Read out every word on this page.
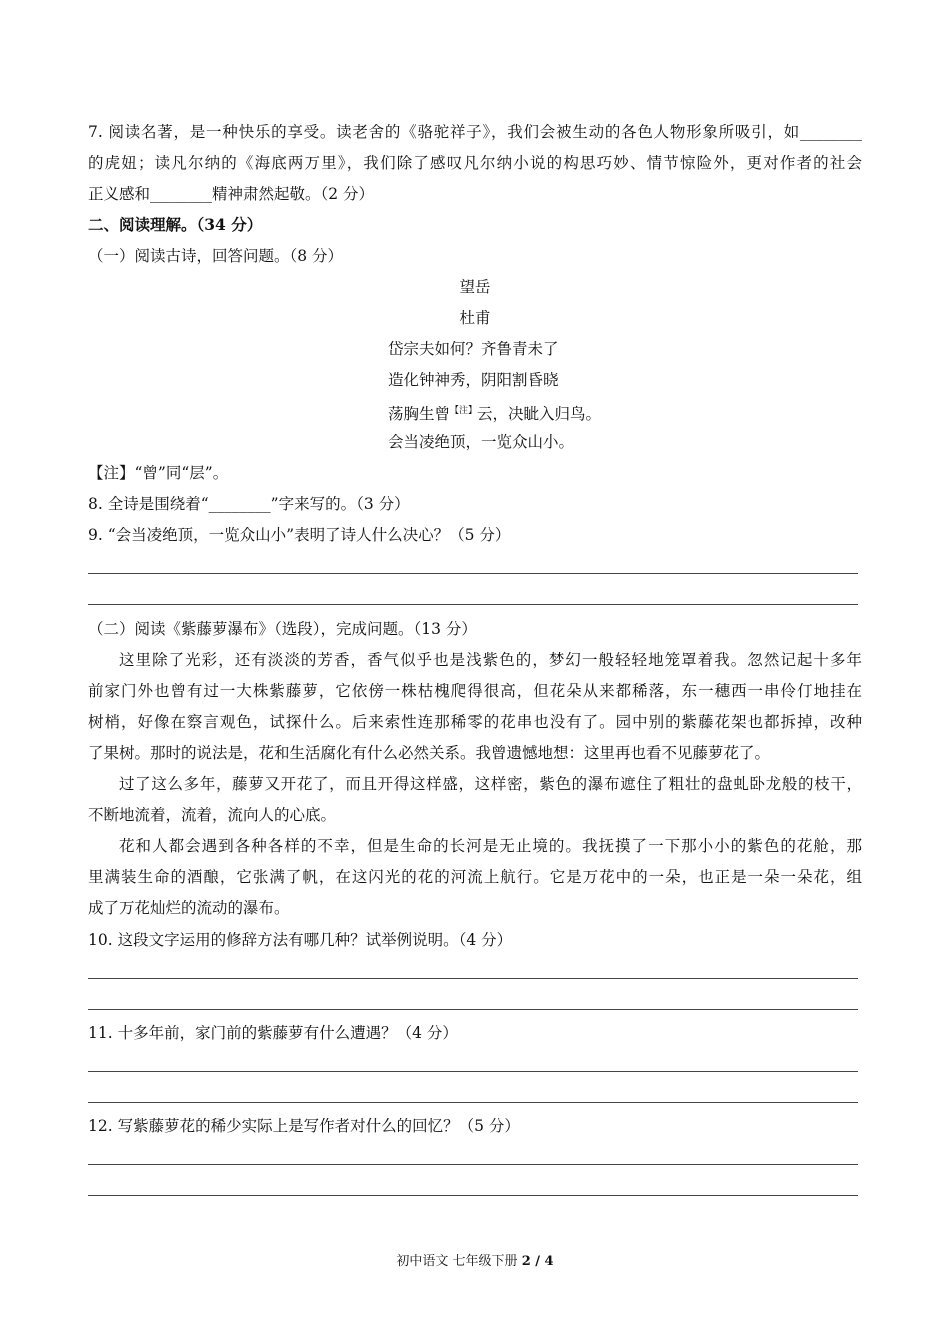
7. 阅读名著，是一种快乐的享受。读老舍的《骆驼祥子》，我们会被生动的各色人物形象所吸引，如________
的虎妞；读凡尔纳的《海底两万里》，我们除了感叹凡尔纳小说的构思巧妙、情节惊险外，更对作者的社会
正义感和________精神肃然起敬。（2 分）
二、阅读理解。（34 分）
（一）阅读古诗，回答问题。（8 分）
望岳
杜甫
岱宗夫如何？齐鲁青未了
造化钟神秀，阴阳割昏晓
荡胸生曾$^{【注】}$云，决眦入归鸟。
会当凌绝顶，一览众山小。
【注】“曾”同“层”。
8. 全诗是围绕着“________”字来写的。（3 分）
9. “会当凌绝顶，一览众山小”表明了诗人什么决心？（5 分）
（二）阅读《紫藤萝瀑布》（选段），完成问题。（13 分）
这里除了光彩，还有淡淡的芳香，香气似乎也是浅紫色的，梦幻一般轻轻地笼罩着我。忽然记起十多年
前家门外也曾有过一大株紫藤萝，它依傍一株枯槐爬得很高，但花朵从来都稀落，东一穗西一串伶仃地挂在
树梢，好像在察言观色，试探什么。后来索性连那稀零的花串也没有了。园中别的紫藤花架也都拆掉，改种
了果树。那时的说法是，花和生活腐化有什么必然关系。我曾遗憾地想：这里再也看不见藤萝花了。
过了这么多年，藤萝又开花了，而且开得这样盛，这样密，紫色的瀑布遮住了粗壮的盘虬卧龙般的枝干，
不断地流着，流着，流向人的心底。
花和人都会遇到各种各样的不幸，但是生命的长河是无止境的。我抚摸了一下那小小的紫色的花舱，那
里满装生命的酒酿，它张满了帆，在这闪光的花的河流上航行。它是万花中的一朵，也正是一朵一朵花，组
成了万花灿烂的流动的瀑布。
10. 这段文字运用的修辞方法有哪几种？试举例说明。（4 分）
11. 十多年前，家门前的紫藤萝有什么遭遇？（4 分）
12. 写紫藤萝花的稀少实际上是写作者对什么的回忆？（5 分）
初中语文 七年级下册 2 / 4
